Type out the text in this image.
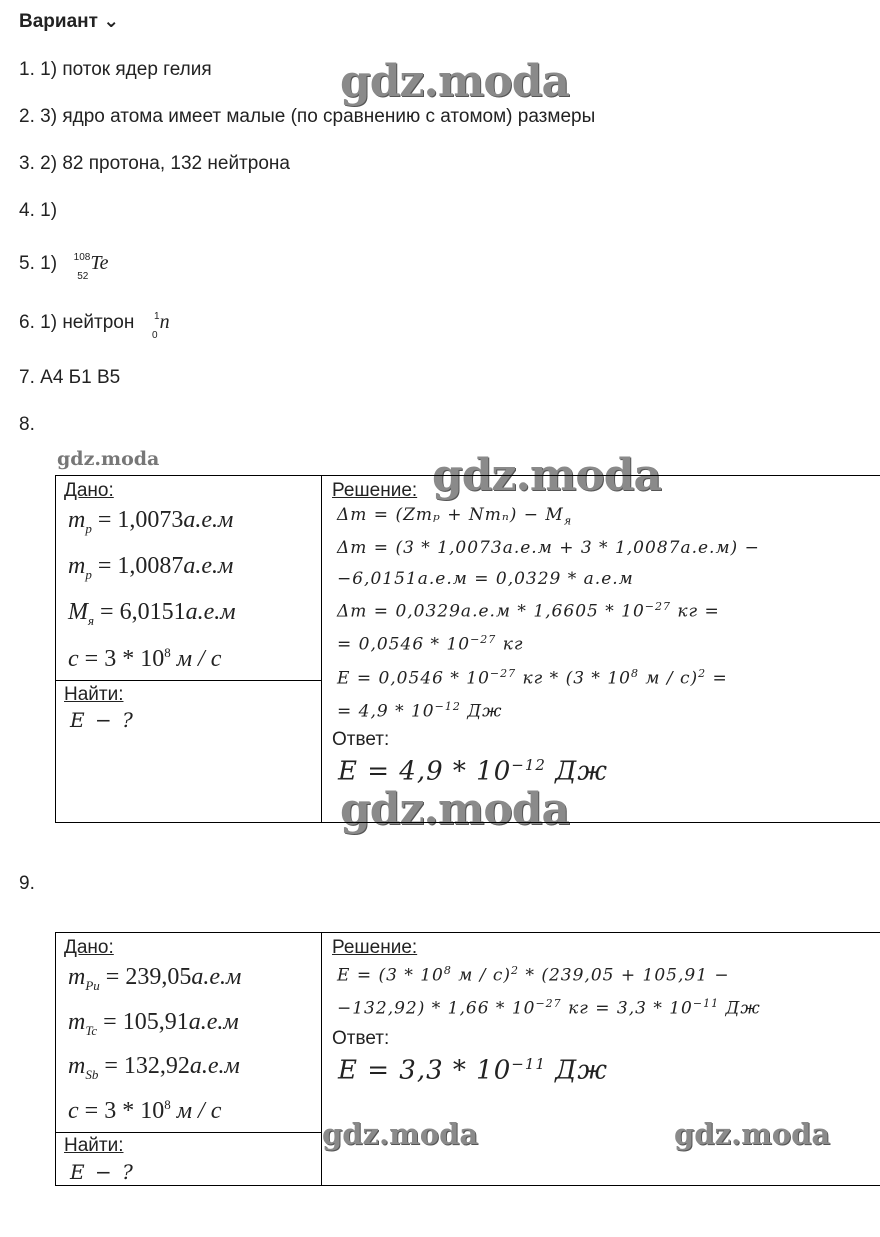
Вариант ⌄
1. 1) поток ядер гелия
2. 3) ядро атома имеет малые (по сравнению с атомом) размеры
3. 2) 82 протона, 132 нейтрона
4. 1)
5. 1) 108
52
Te
6. 1) нейтрон 1
0
n
7. А4 Б1 В5
8.
9.
gdz.moda
gdz.moda	gdz.moda
gdz.moda
gdz.moda	gdz.moda
Дано:
$m_p = 1,0073а.е.м$
$m_p = 1,0087а.е.м$
$M_я = 6,0151а.е.м$
$c = 3 * 10^8$ м / с
Найти:
E − ?
Решение:
$\Delta m = (Zm_p + Nm_n) - M_я$
Δm = (3 * 1,0073а.е.м + 3 * 1,0087а.е.м) −
−6,0151а.е.м = 0,0329 * а.е.м
$\Delta m = 0,0329а.е.м * 1,6605 * 10^{-27}$ кг =
= $0,0546 * 10^{-27}$ кг
$E = 0,0546 * 10^{-27}$ кг * ($3 * 10^8$ м / с)$^2$ =
= $4,9 * 10^{-12}$ Дж
Ответ:
$E = 4,9 * 10^{-12}$ Дж
Дано:
$m_{Pu} = 239,05а.е.м$
$m_{Tc} = 105,91а.е.м$
$m_{Sb} = 132,92а.е.м$
$c = 3 * 10^8$ м / с
Найти:
E − ?
Решение:
$E = (3 * 10^8$ м / с)$^2$ * (239,05 + 105,91 −
$-132,92) * 1,66 * 10^{-27}$ кг = $3,3 * 10^{-11}$ Дж
Ответ:
$E = 3,3 * 10^{-11}$ Дж
